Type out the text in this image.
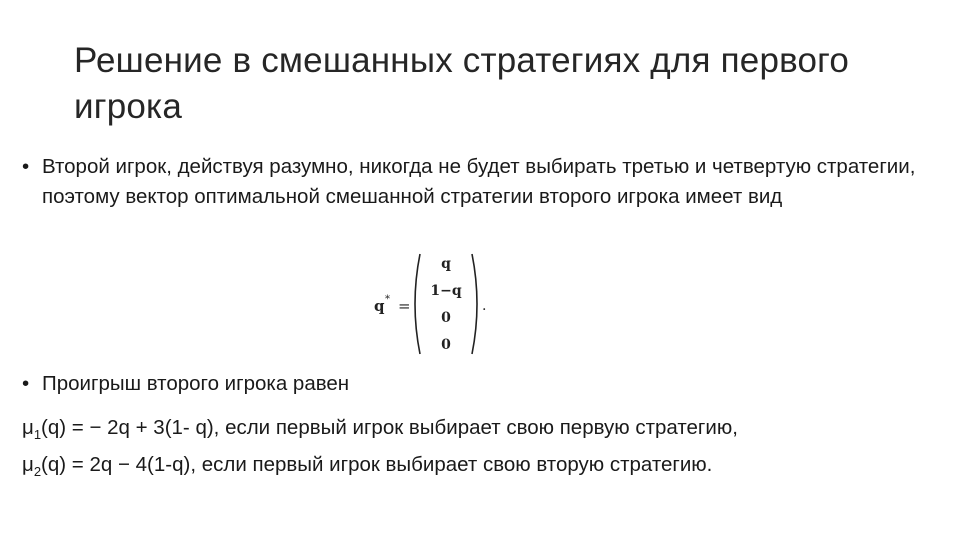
Решение в смешанных стратегиях для первого игрока
• Второй игрок, действуя разумно, никогда не будет выбирать третью и четвертую стратегии, поэтому вектор оптимальной смешанной стратегии второго игрока имеет вид
q * =
q
1−q
0
0
.
• Проигрыш второго игрока равен
$\mu_1(q)$ = − 2q + 3(1- q), если первый игрок выбирает свою первую стратегию,
$\mu_2(q) = 2q - 4(1-q)$, если первый игрок выбирает свою вторую стратегию.
